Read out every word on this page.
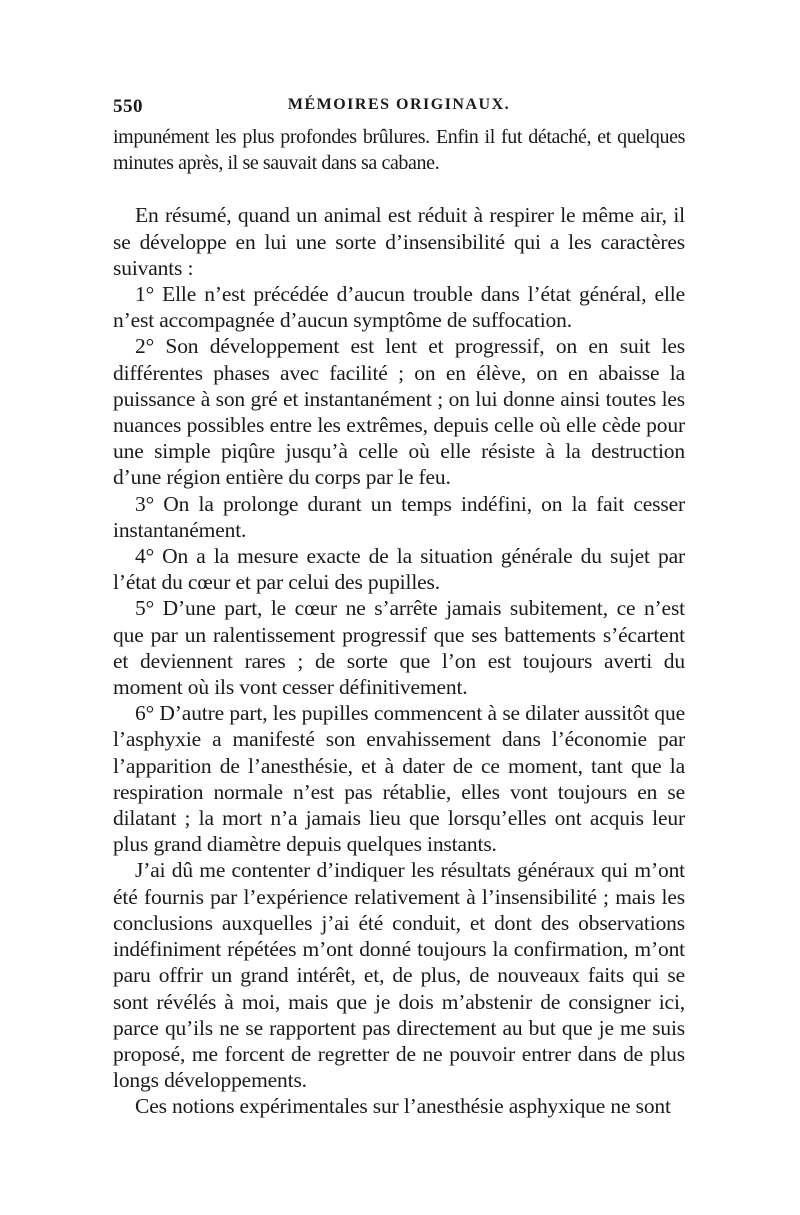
550	MÉMOIRES ORIGINAUX.

impunément les plus profondes brûlures. Enfin il fut détaché, et quelques minutes après, il se sauvait dans sa cabane.

En résumé, quand un animal est réduit à respirer le même air, il se développe en lui une sorte d’insensibilité qui a les caractères suivants :

1° Elle n’est précédée d’aucun trouble dans l’état général, elle n’est accompagnée d’aucun symptôme de suffocation.

2° Son développement est lent et progressif, on en suit les différentes phases avec facilité ; on en élève, on en abaisse la puissance à son gré et instantanément ; on lui donne ainsi toutes les nuances possibles entre les extrêmes, depuis celle où elle cède pour une simple piqûre jusqu’à celle où elle résiste à la destruction d’une région entière du corps par le feu.

3° On la prolonge durant un temps indéfini, on la fait cesser instantanément.

4° On a la mesure exacte de la situation générale du sujet par l’état du cœur et par celui des pupilles.

5° D’une part, le cœur ne s’arrête jamais subitement, ce n’est que par un ralentissement progressif que ses battements s’écartent et deviennent rares ; de sorte que l’on est toujours averti du moment où ils vont cesser définitivement.

6° D’autre part, les pupilles commencent à se dilater aussitôt que l’asphyxie a manifesté son envahissement dans l’économie par l’apparition de l’anesthésie, et à dater de ce moment, tant que la respiration normale n’est pas rétablie, elles vont toujours en se dilatant ; la mort n’a jamais lieu que lorsqu’elles ont acquis leur plus grand diamètre depuis quelques instants.

J’ai dû me contenter d’indiquer les résultats généraux qui m’ont été fournis par l’expérience relativement à l’insensibilité ; mais les conclusions auxquelles j’ai été conduit, et dont des observations indéfiniment répétées m’ont donné toujours la confirmation, m’ont paru offrir un grand intérêt, et, de plus, de nouveaux faits qui se sont révélés à moi, mais que je dois m’abstenir de consigner ici, parce qu’ils ne se rapportent pas directement au but que je me suis proposé, me forcent de regretter de ne pouvoir entrer dans de plus longs développements.

Ces notions expérimentales sur l’anesthésie asphyxique ne sont
